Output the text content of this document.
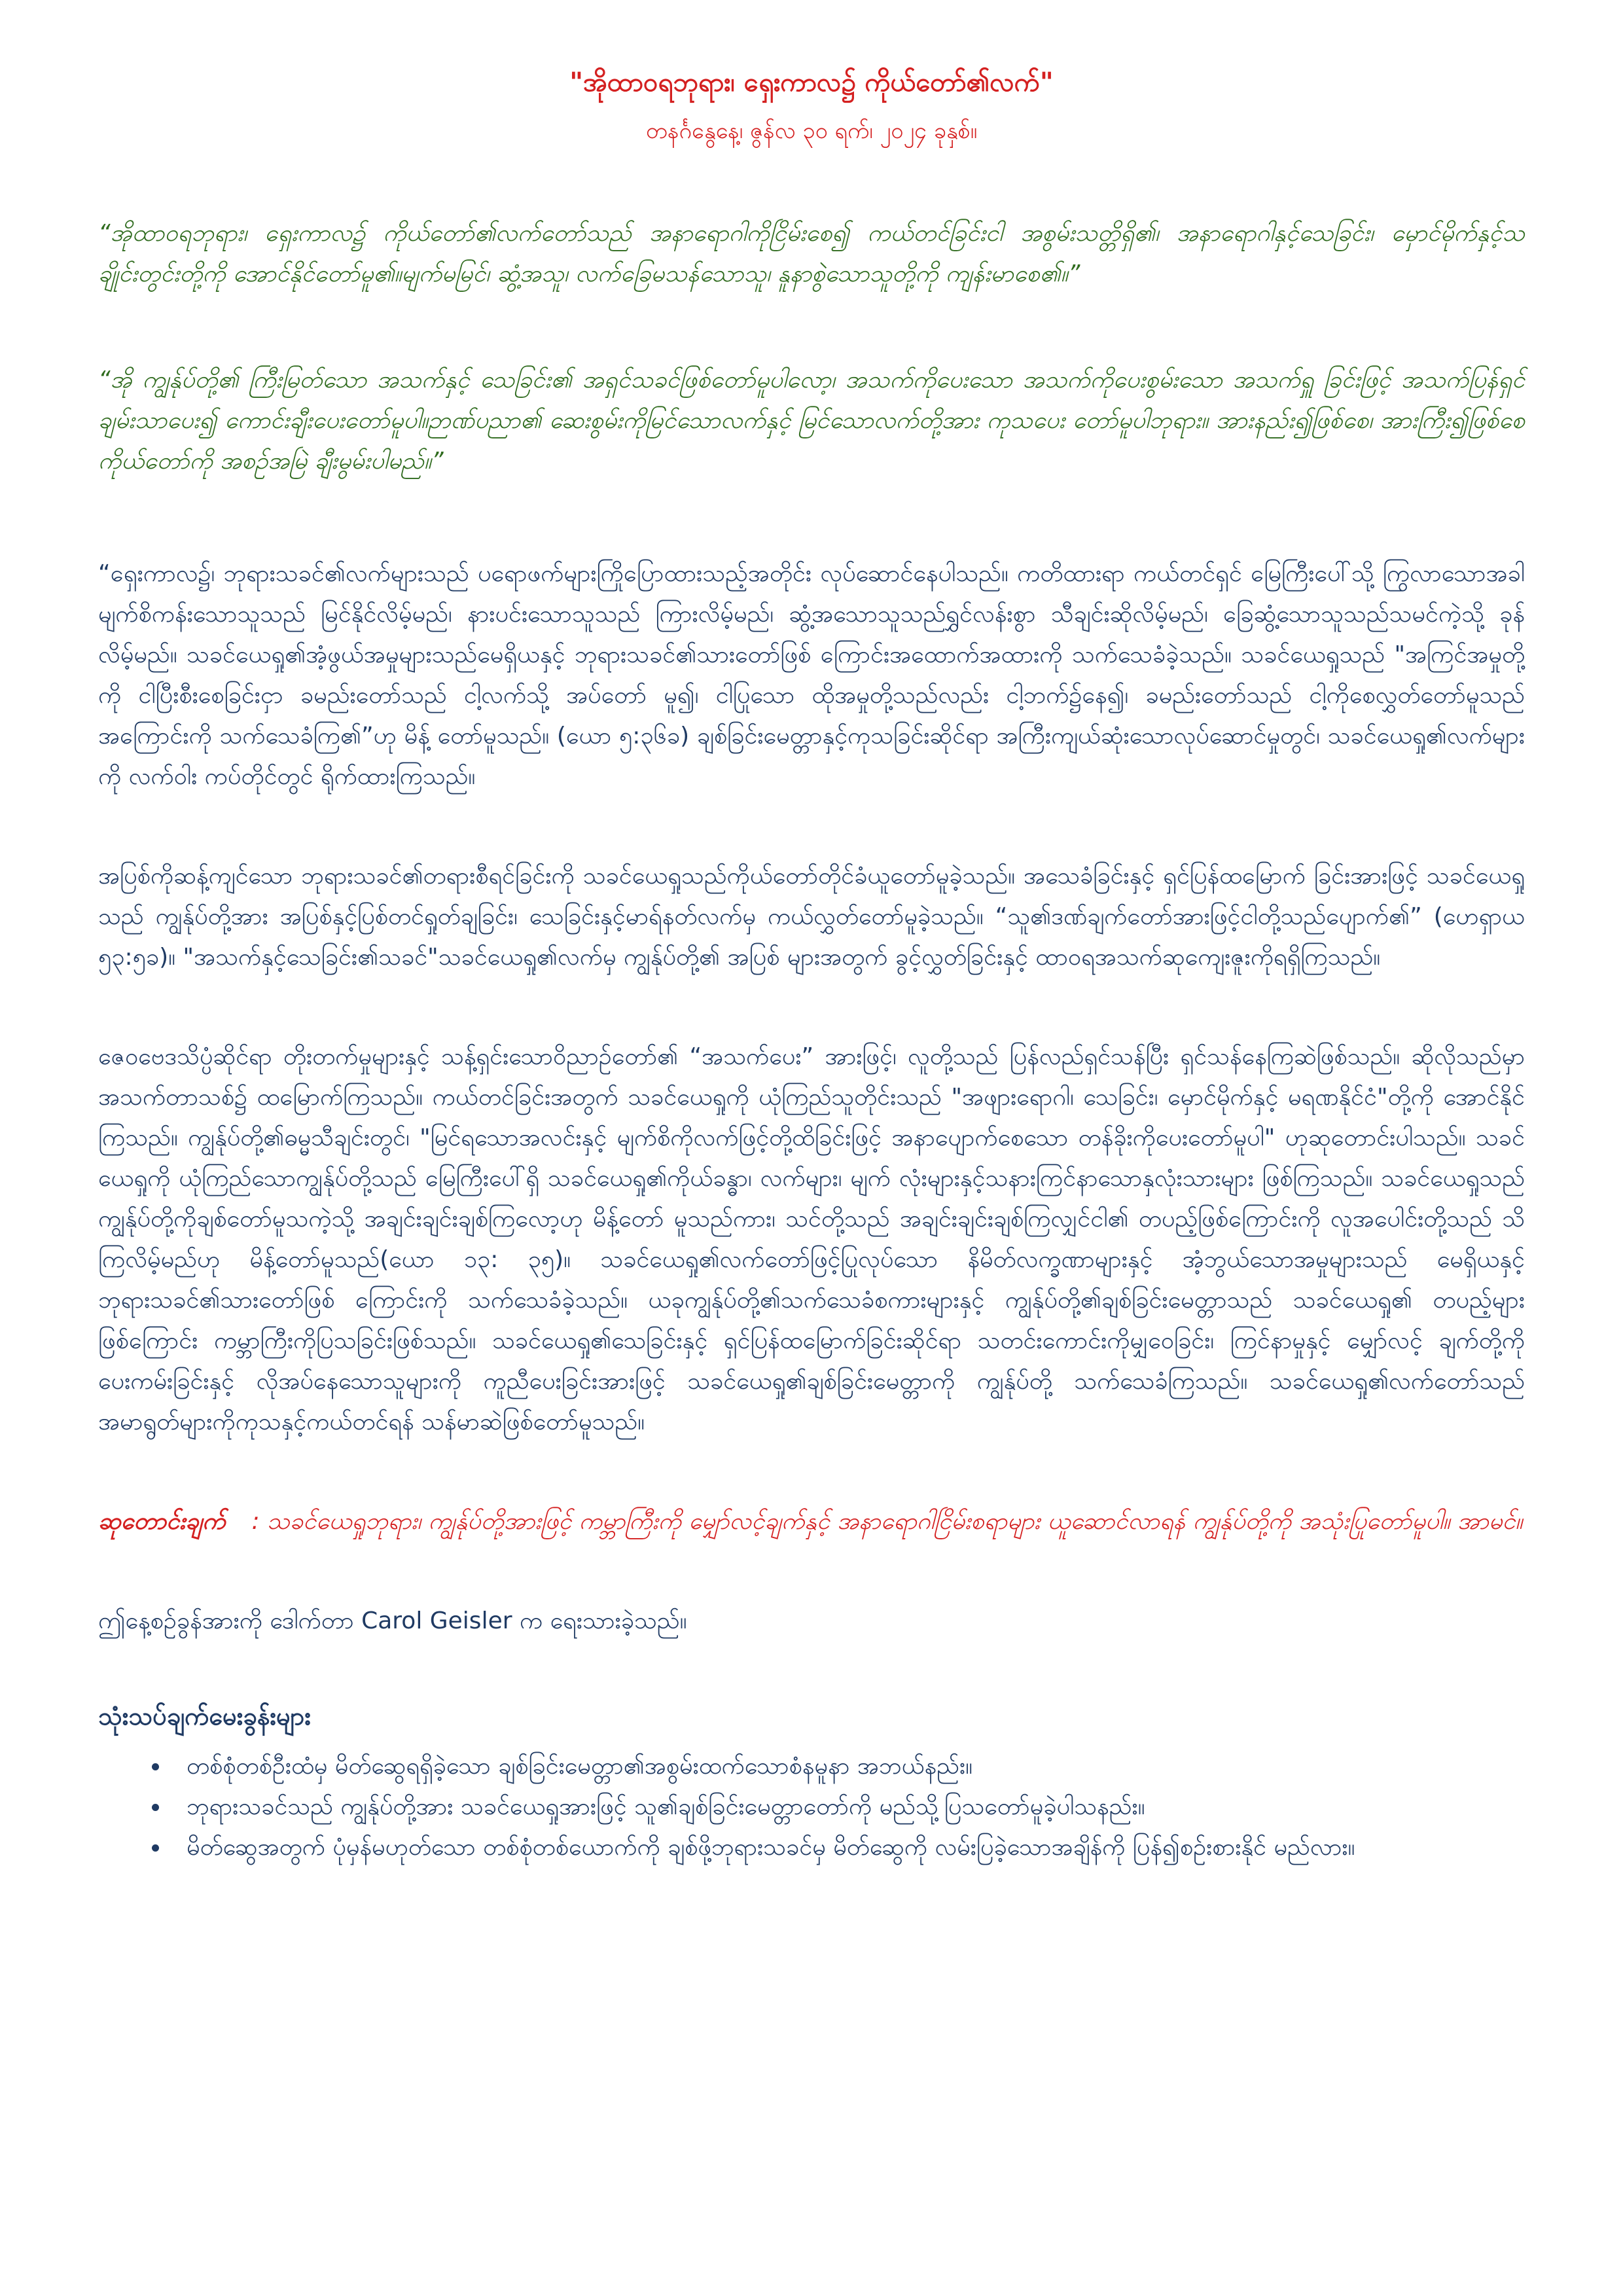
"အိုထာဝရဘုရား၊ ရှေးကာလ၌ ကိုယ်တော်၏လက်"

တနင်္ဂနွေနေ့၊ ဇွန်လ ၃၀ ရက်၊ ၂၀၂၄ ခုနှစ်။

“အိုထာဝရဘုရား၊ ရှေးကာလ၌ ကိုယ်တော်၏လက်တော်သည် အနာရောဂါကိုငြိမ်းစေ၍ ကယ်တင်ခြင်းငါ အစွမ်းသတ္တိရှိ၏၊ အနာရောဂါနှင့်သေခြင်း၊ မှောင်မိုက်နှင့်သချိုင်းတွင်းတို့ကို အောင်နိုင်တော်မူ၏။မျက်မမြင်၊ ဆွံ့အသူ၊ လက်ခြေမသန်သောသူ၊ နူနာစွဲသောသူတို့ကို ကျန်းမာစေ၏။”

“အို ကျွန်ုပ်တို့၏ ကြီးမြတ်သော အသက်နှင့် သေခြင်း၏ အရှင်သခင်ဖြစ်တော်မူပါလော့၊ အသက်ကိုပေးသော အသက်ကိုပေးစွမ်းသော အသက်ရှူ ခြင်းဖြင့် အသက်ပြန်ရှင် ချမ်းသာပေး၍ ကောင်းချီးပေးတော်မူပါ။ဉာဏ်ပညာ၏ ဆေးစွမ်းကိုမြင်သောလက်နှင့် မြင်သောလက်တို့အား ကုသပေး တော်မူပါဘုရား။ အားနည်း၍ဖြစ်စေ၊ အားကြီး၍ဖြစ်စေ ကိုယ်တော်ကို အစဉ်အမြဲ ချီးမွမ်းပါမည်။”

“ရှေးကာလ၌၊ ဘုရားသခင်၏လက်များသည် ပရောဖက်များကြိုပြောထားသည့်အတိုင်း လုပ်ဆောင်နေပါသည်။ ကတိထားရာ ကယ်တင်ရှင် မြေကြီးပေါ်သို့ ကြွလာသောအခါ မျက်စိကန်းသောသူသည် မြင်နိုင်လိမ့်မည်၊ နားပင်းသောသူသည် ကြားလိမ့်မည်၊ ဆွံ့အသောသူသည်ရွှင်လန်းစွာ သီချင်းဆိုလိမ့်မည်၊ ခြေဆွံ့သောသူသည်သမင်ကဲ့သို့ ခုန်လိမ့်မည်။ သခင်ယေရှု၏အံ့ဖွယ်အမှုများသည်မေရှိယနှင့် ဘုရားသခင်၏သားတော်ဖြစ် ကြောင်းအထောက်အထားကို သက်သေခံခဲ့သည်။ သခင်ယေရှုသည် "အကြင်အမှုတို့ကို ငါပြီးစီးစေခြင်းငှာ ခမည်းတော်သည် ငါ့လက်သို့ အပ်တော် မူ၍၊ ငါပြုသော ထိုအမှုတို့သည်လည်း ငါ့ဘက်၌နေ၍၊ ခမည်းတော်သည် ငါ့ကိုစေလွှတ်တော်မူသည် အကြောင်းကို သက်သေခံကြ၏”ဟု မိန့် တော်မူသည်။ (ယော ၅:၃၆ခ) ချစ်ခြင်းမေတ္တာနှင့်ကုသခြင်းဆိုင်ရာ အကြီးကျယ်ဆုံးသောလုပ်ဆောင်မှုတွင်၊ သခင်ယေရှု၏လက်များကို လက်ဝါး ကပ်တိုင်တွင် ရိုက်ထားကြသည်။

အပြစ်ကိုဆန့်ကျင်သော ဘုရားသခင်၏တရားစီရင်ခြင်းကို သခင်ယေရှုသည်ကိုယ်တော်တိုင်ခံယူတော်မူခဲ့သည်။ အသေခံခြင်းနှင့် ရှင်ပြန်ထမြောက် ခြင်းအားဖြင့် သခင်ယေရှုသည် ကျွန်ုပ်တို့အား အပြစ်နှင့်ပြစ်တင်ရှုတ်ချခြင်း၊ သေခြင်းနှင့်မာရ်နတ်လက်မှ ကယ်လွှတ်တော်မူခဲ့သည်။ “သူ၏ဒဏ်ချက်တော်အားဖြင့်ငါတို့သည်ပျောက်၏” (ဟေရှာယ ၅၃:၅ခ)။ "အသက်နှင့်သေခြင်း၏သခင်"သခင်ယေရှု၏လက်မှ ကျွန်ုပ်တို့၏ အပြစ် များအတွက် ခွင့်လွှတ်ခြင်းနှင့် ထာဝရအသက်ဆုကျေးဇူးကိုရရှိကြသည်။

ဇေဝဗေဒသိပ္ပံဆိုင်ရာ တိုးတက်မှုများနှင့် သန့်ရှင်းသောဝိညာဉ်တော်၏ “အသက်ပေး” အားဖြင့်၊ လူတို့သည် ပြန်လည်ရှင်သန်ပြီး ရှင်သန်နေကြဆဲဖြစ်သည်။ ဆိုလိုသည်မှာ အသက်တာသစ်၌ ထမြောက်ကြသည်။ ကယ်တင်ခြင်းအတွက် သခင်ယေရှုကို ယုံကြည်သူတိုင်းသည် "အဖျားရောဂါ၊ သေခြင်း၊ မှောင်မိုက်နှင့် မရဏနိုင်ငံ"တို့ကို အောင်နိုင်ကြသည်။ ကျွန်ုပ်တို့၏ဓမ္မသီချင်းတွင်၊ "မြင်ရသောအလင်းနှင့် မျက်စိကိုလက်ဖြင့်တို့ထိခြင်းဖြင့် အနာပျောက်စေသော တန်ခိုးကိုပေးတော်မူပါ" ဟုဆုတောင်းပါသည်။ သခင်ယေရှုကို ယုံကြည်သောကျွန်ုပ်တို့သည် မြေကြီးပေါ်ရှိ သခင်ယေရှု၏ကိုယ်ခန္ဓာ၊ လက်များ၊ မျက် လုံးများနှင့်သနားကြင်နာသောနှလုံးသားများ ဖြစ်ကြသည်။ သခင်ယေရှုသည် ကျွန်ုပ်တို့ကိုချစ်တော်မူသကဲ့သို့ အချင်းချင်းချစ်ကြလော့ဟု မိန့်တော် မူသည်ကား၊ သင်တို့သည် အချင်းချင်းချစ်ကြလျှင်ငါ၏ တပည့်ဖြစ်ကြောင်းကို လူအပေါင်းတို့သည် သိကြလိမ့်မည်ဟု မိန့်တော်မူသည်(ယော ၁၃: ၃၅)။ သခင်ယေရှု၏လက်တော်ဖြင့်ပြုလုပ်သော နိမိတ်လက္ခဏာများနှင့် အံ့ဘွယ်သောအမှုများသည် မေရှိယနှင့်ဘုရားသခင်၏သားတော်ဖြစ် ကြောင်းကို သက်သေခံခဲ့သည်။ ယခုကျွန်ုပ်တို့၏သက်သေခံစကားများနှင့် ကျွန်ုပ်တို့၏ချစ်ခြင်းမေတ္တာသည် သခင်ယေရှု၏ တပည့်များဖြစ်ကြောင်း ကမ္ဘာကြီးကိုပြသခြင်းဖြစ်သည်။ သခင်ယေရှု၏သေခြင်းနှင့် ရှင်ပြန်ထမြောက်ခြင်းဆိုင်ရာ သတင်းကောင်းကိုမျှဝေခြင်း၊ ကြင်နာမှုနှင့် မျှော်လင့် ချက်တို့ကို ပေးကမ်းခြင်းနှင့် လိုအပ်နေသောသူများကို ကူညီပေးခြင်းအားဖြင့် သခင်ယေရှု၏ချစ်ခြင်းမေတ္တာကို ကျွန်ုပ်တို့ သက်သေခံကြသည်။ သခင်ယေရှု၏လက်တော်သည် အမာရွတ်များကိုကုသနှင့်ကယ်တင်ရန် သန်မာဆဲဖြစ်တော်မူသည်။

ဆုတောင်းချက် : သခင်ယေရှုဘုရား၊ ကျွန်ုပ်တို့အားဖြင့် ကမ္ဘာကြီးကို မျှော်လင့်ချက်နှင့် အနာရောဂါငြိမ်းစရာများ ယူဆောင်လာရန် ကျွန်ုပ်တို့ကို အသုံးပြုတော်မူပါ။ အာမင်။

ဤနေ့စဉ်ခွန်အားကို ဒေါက်တာ Carol Geisler က ရေးသားခဲ့သည်။

သုံးသပ်ချက်မေးခွန်းများ
• တစ်စုံတစ်ဦးထံမှ မိတ်ဆွေရရှိခဲ့သော ချစ်ခြင်းမေတ္တာ၏အစွမ်းထက်သောစံနမူနာ အဘယ်နည်း။
• ဘုရားသခင်သည် ကျွန်ုပ်တို့အား သခင်ယေရှုအားဖြင့် သူ၏ချစ်ခြင်းမေတ္တာတော်ကို မည်သို့ပြသတော်မူခဲ့ပါသနည်း။
• မိတ်ဆွေအတွက် ပုံမှန်မဟုတ်သော တစ်စုံတစ်ယောက်ကို ချစ်ဖို့ဘုရားသခင်မှ မိတ်ဆွေကို လမ်းပြခဲ့သောအချိန်ကို ပြန်၍စဉ်းစားနိုင် မည်လား။
